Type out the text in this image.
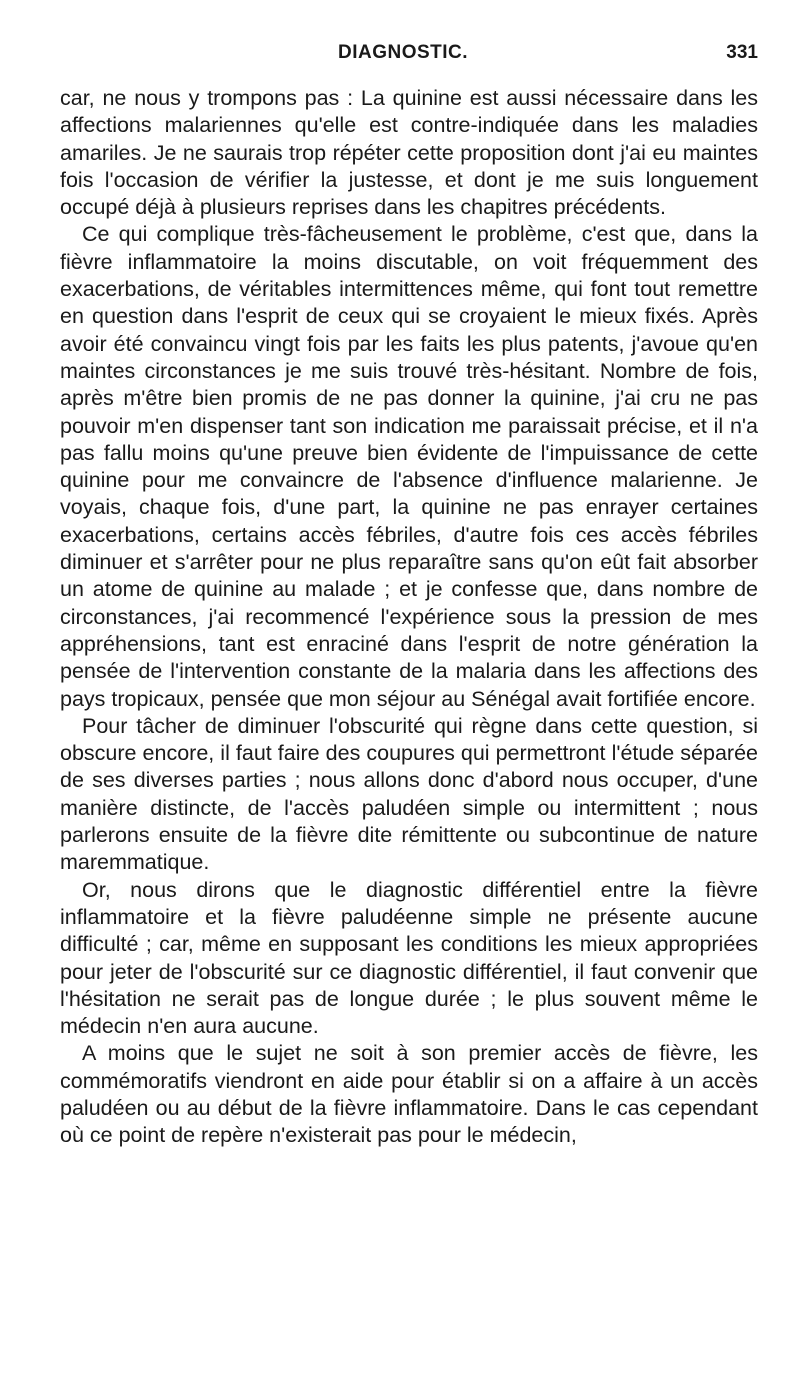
DIAGNOSTIC.	331

car, ne nous y trompons pas : La quinine est aussi nécessaire dans les affections malariennes qu'elle est contre-indiquée dans les maladies amariles. Je ne saurais trop répéter cette proposition dont j'ai eu maintes fois l'occasion de vérifier la justesse, et dont je me suis longuement occupé déjà à plusieurs reprises dans les chapitres précédents.

Ce qui complique très-fâcheusement le problème, c'est que, dans la fièvre inflammatoire la moins discutable, on voit fréquemment des exacerbations, de véritables intermittences même, qui font tout remettre en question dans l'esprit de ceux qui se croyaient le mieux fixés. Après avoir été convaincu vingt fois par les faits les plus patents, j'avoue qu'en maintes circonstances je me suis trouvé très-hésitant. Nombre de fois, après m'être bien promis de ne pas donner la quinine, j'ai cru ne pas pouvoir m'en dispenser tant son indication me paraissait précise, et il n'a pas fallu moins qu'une preuve bien évidente de l'impuissance de cette quinine pour me convaincre de l'absence d'influence malarienne. Je voyais, chaque fois, d'une part, la quinine ne pas enrayer certaines exacerbations, certains accès fébriles, d'autre fois ces accès fébriles diminuer et s'arrêter pour ne plus reparaître sans qu'on eût fait absorber un atome de quinine au malade ; et je confesse que, dans nombre de circonstances, j'ai recommencé l'expérience sous la pression de mes appréhensions, tant est enraciné dans l'esprit de notre génération la pensée de l'intervention constante de la malaria dans les affections des pays tropicaux, pensée que mon séjour au Sénégal avait fortifiée encore.

Pour tâcher de diminuer l'obscurité qui règne dans cette question, si obscure encore, il faut faire des coupures qui permettront l'étude séparée de ses diverses parties ; nous allons donc d'abord nous occuper, d'une manière distincte, de l'accès paludéen simple ou intermittent ; nous parlerons ensuite de la fièvre dite rémittente ou subcontinue de nature maremmatique.

Or, nous dirons que le diagnostic différentiel entre la fièvre inflammatoire et la fièvre paludéenne simple ne présente aucune difficulté ; car, même en supposant les conditions les mieux appropriées pour jeter de l'obscurité sur ce diagnostic différentiel, il faut convenir que l'hésitation ne serait pas de longue durée ; le plus souvent même le médecin n'en aura aucune.

A moins que le sujet ne soit à son premier accès de fièvre, les commémoratifs viendront en aide pour établir si on a affaire à un accès paludéen ou au début de la fièvre inflammatoire. Dans le cas cependant où ce point de repère n'existerait pas pour le médecin,
